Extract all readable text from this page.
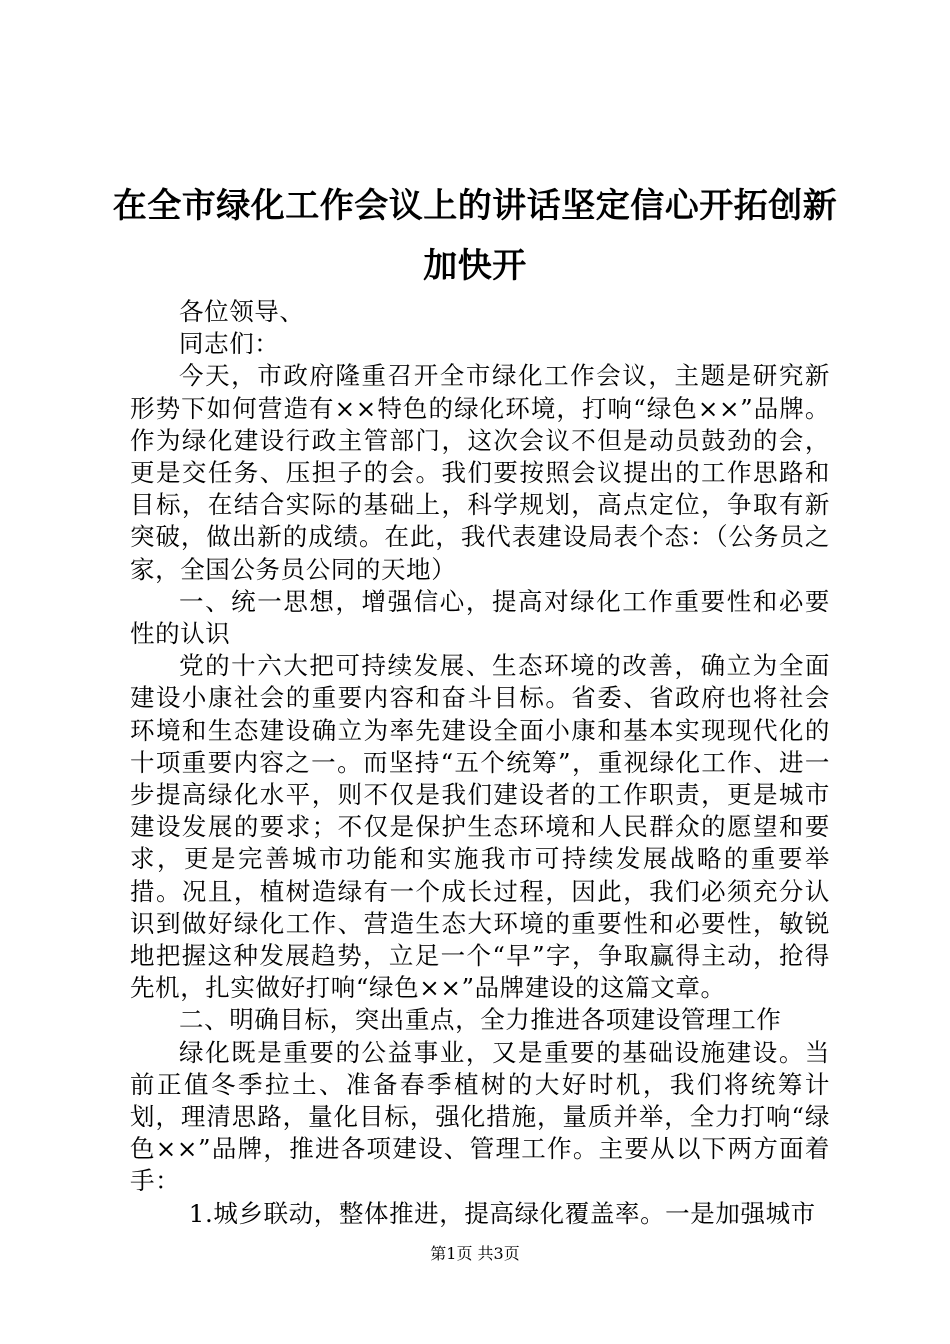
在全市绿化工作会议上的讲话坚定信心开拓创新加快开

各位领导、

同志们：

今天，市政府隆重召开全市绿化工作会议，主题是研究新形势下如何营造有××特色的绿化环境，打响“绿色××”品牌。作为绿化建设行政主管部门，这次会议不但是动员鼓劲的会，更是交任务、压担子的会。我们要按照会议提出的工作思路和目标，在结合实际的基础上，科学规划，高点定位，争取有新突破，做出新的成绩。在此，我代表建设局表个态：（公务员之家，全国公务员公同的天地）

一、统一思想，增强信心，提高对绿化工作重要性和必要性的认识

党的十六大把可持续发展、生态环境的改善，确立为全面建设小康社会的重要内容和奋斗目标。省委、省政府也将社会环境和生态建设确立为率先建设全面小康和基本实现现代化的十项重要内容之一。而坚持“五个统筹”，重视绿化工作、进一步提高绿化水平，则不仅是我们建设者的工作职责，更是城市建设发展的要求；不仅是保护生态环境和人民群众的愿望和要求，更是完善城市功能和实施我市可持续发展战略的重要举措。况且，植树造绿有一个成长过程，因此，我们必须充分认识到做好绿化工作、营造生态大环境的重要性和必要性，敏锐地把握这种发展趋势，立足一个“早”字，争取赢得主动，抢得先机，扎实做好打响“绿色××”品牌建设的这篇文章。

二、明确目标，突出重点，全力推进各项建设管理工作

绿化既是重要的公益事业，又是重要的基础设施建设。当前正值冬季拉土、准备春季植树的大好时机，我们将统筹计划，理清思路，量化目标，强化措施，量质并举，全力打响“绿色××”品牌，推进各项建设、管理工作。主要从以下两方面着手：

1.城乡联动，整体推进，提高绿化覆盖率。一是加强城市

第1页 共3页
